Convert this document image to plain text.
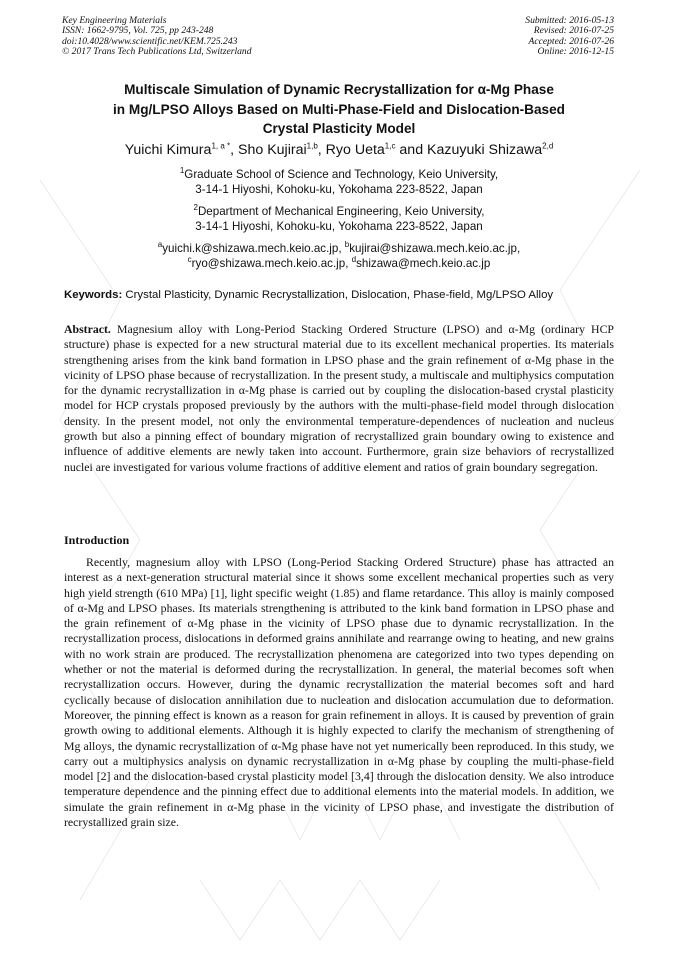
Key Engineering Materials
ISSN: 1662-9795, Vol. 725, pp 243-248
doi:10.4028/www.scientific.net/KEM.725.243
© 2017 Trans Tech Publications Ltd, Switzerland
Submitted: 2016-05-13
Revised: 2016-07-25
Accepted: 2016-07-26
Online: 2016-12-15
Multiscale Simulation of Dynamic Recrystallization for α-Mg Phase
in Mg/LPSO Alloys Based on Multi-Phase-Field and Dislocation-Based
Crystal Plasticity Model
Yuichi Kimura$^{1, a *}$, Sho Kujirai$^{1,b}$, Ryo Ueta$^{1,c}$ and Kazuyuki Shizawa$^{2,d}$
$^1$Graduate School of Science and Technology, Keio University,
3-14-1 Hiyoshi, Kohoku-ku, Yokohama 223-8522, Japan
$^2$Department of Mechanical Engineering, Keio University,
3-14-1 Hiyoshi, Kohoku-ku, Yokohama 223-8522, Japan
$^a$yuichi.k@shizawa.mech.keio.ac.jp, $^b$kujirai@shizawa.mech.keio.ac.jp,
$^c$ryo@shizawa.mech.keio.ac.jp, $^d$shizawa@mech.keio.ac.jp
Keywords: Crystal Plasticity, Dynamic Recrystallization, Dislocation, Phase-field, Mg/LPSO Alloy

Abstract. Magnesium alloy with Long-Period Stacking Ordered Structure (LPSO) and α-Mg (ordinary HCP structure) phase is expected for a new structural material due to its excellent mechanical properties. Its materials strengthening arises from the kink band formation in LPSO phase and the grain refinement of α-Mg phase in the vicinity of LPSO phase because of recrystallization. In the present study, a multiscale and multiphysics computation for the dynamic recrystallization in α-Mg phase is carried out by coupling the dislocation-based crystal plasticity model for HCP crystals proposed previously by the authors with the multi-phase-field model through dislocation density. In the present model, not only the environmental temperature-dependences of nucleation and nucleus growth but also a pinning effect of boundary migration of recrystallized grain boundary owing to existence and influence of additive elements are newly taken into account. Furthermore, grain size behaviors of recrystallized nuclei are investigated for various volume fractions of additive element and ratios of grain boundary segregation.

Introduction

Recently, magnesium alloy with LPSO (Long-Period Stacking Ordered Structure) phase has attracted an interest as a next-generation structural material since it shows some excellent mechanical properties such as very high yield strength (610 MPa) [1], light specific weight (1.85) and flame retardance. This alloy is mainly composed of α-Mg and LPSO phases. Its materials strengthening is attributed to the kink band formation in LPSO phase and the grain refinement of α-Mg phase in the vicinity of LPSO phase due to dynamic recrystallization. In the recrystallization process, dislocations in deformed grains annihilate and rearrange owing to heating, and new grains with no work strain are produced. The recrystallization phenomena are categorized into two types depending on whether or not the material is deformed during the recrystallization. In general, the material becomes soft when recrystallization occurs. However, during the dynamic recrystallization the material becomes soft and hard cyclically because of dislocation annihilation due to nucleation and dislocation accumulation due to deformation. Moreover, the pinning effect is known as a reason for grain refinement in alloys. It is caused by prevention of grain growth owing to additional elements. Although it is highly expected to clarify the mechanism of strengthening of Mg alloys, the dynamic recrystallization of α-Mg phase have not yet numerically been reproduced. In this study, we carry out a multiphysics analysis on dynamic recrystallization in α-Mg phase by coupling the multi-phase-field model [2] and the dislocation-based crystal plasticity model [3,4] through the dislocation density. We also introduce temperature dependence and the pinning effect due to additional elements into the material models. In addition, we simulate the grain refinement in α-Mg phase in the vicinity of LPSO phase, and investigate the distribution of recrystallized grain size.
